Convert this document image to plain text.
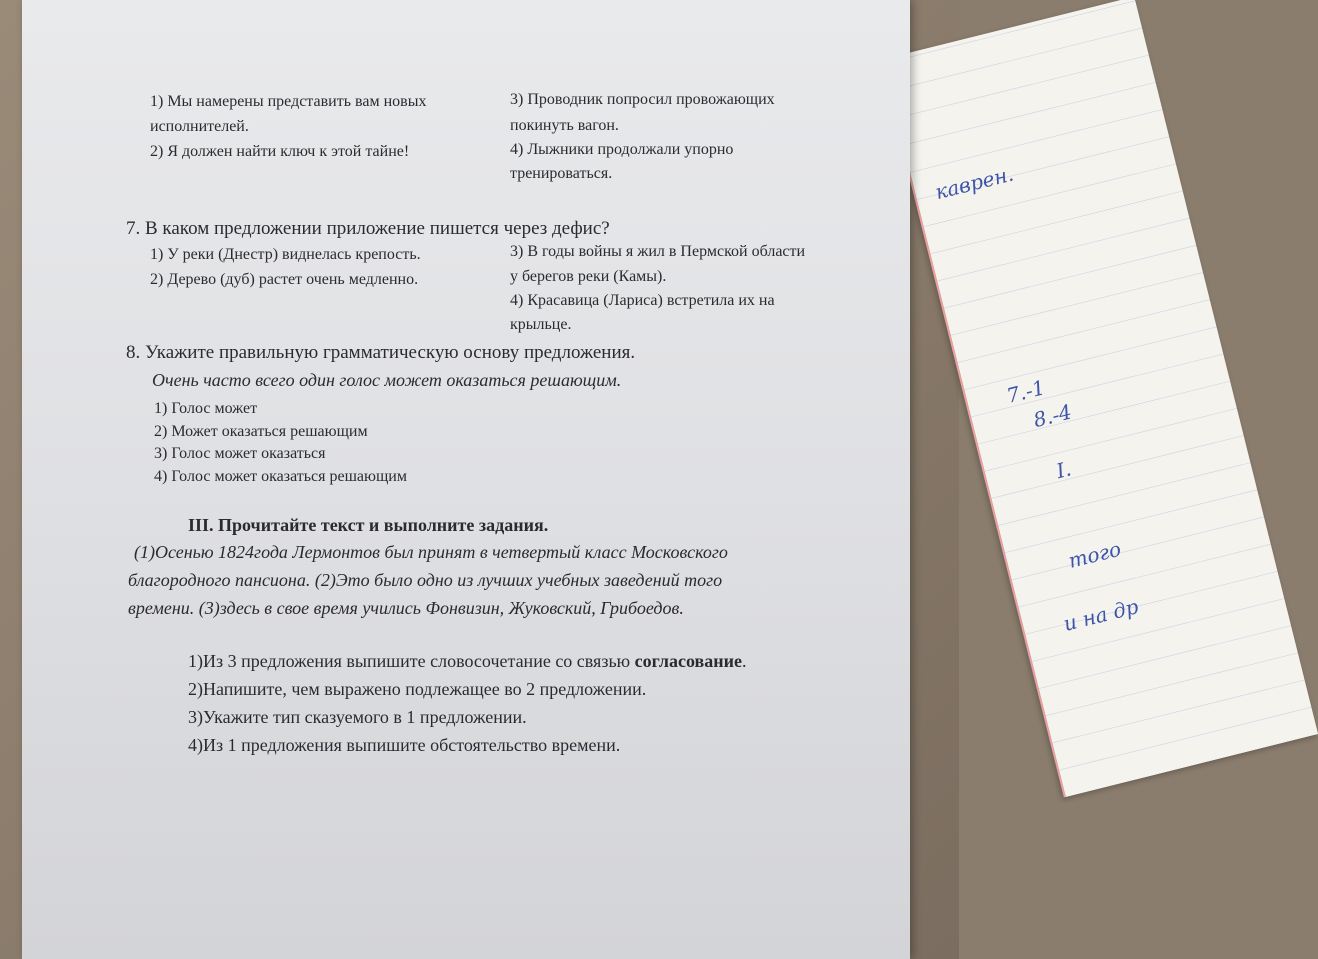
каврен.
7.-1
8.-4
I.
того
и на др
1) Мы намерены представить вам новых
исполнителей.
2) Я должен найти ключ к этой тайне!
3) Проводник попросил провожающих
покинуть вагон.
4) Лыжники продолжали упорно
тренироваться.
7. В каком предложении приложение пишется через дефис?
1) У реки (Днестр) виднелась крепость.
2) Дерево (дуб) растет очень медленно.
3) В годы войны я жил в Пермской области
у берегов реки (Камы).
4) Красавица (Лариса) встретила их на
крыльце.
8. Укажите правильную грамматическую основу предложения.
Очень часто всего один голос может оказаться решающим.
1) Голос может
2) Может оказаться решающим
3) Голос может оказаться
4) Голос может оказаться решающим
III. Прочитайте текст и выполните задания.
(1)Осенью 1824года Лермонтов был принят в четвертый класс Московского
благородного пансиона. (2)Это было одно из лучших учебных заведений того
времени. (3)здесь в свое время учились Фонвизин, Жуковский, Грибоедов.
1)Из 3 предложения выпишите словосочетание со связью согласование.
2)Напишите, чем выражено подлежащее во 2 предложении.
3)Укажите тип сказуемого в 1 предложении.
4)Из 1 предложения выпишите обстоятельство времени.
